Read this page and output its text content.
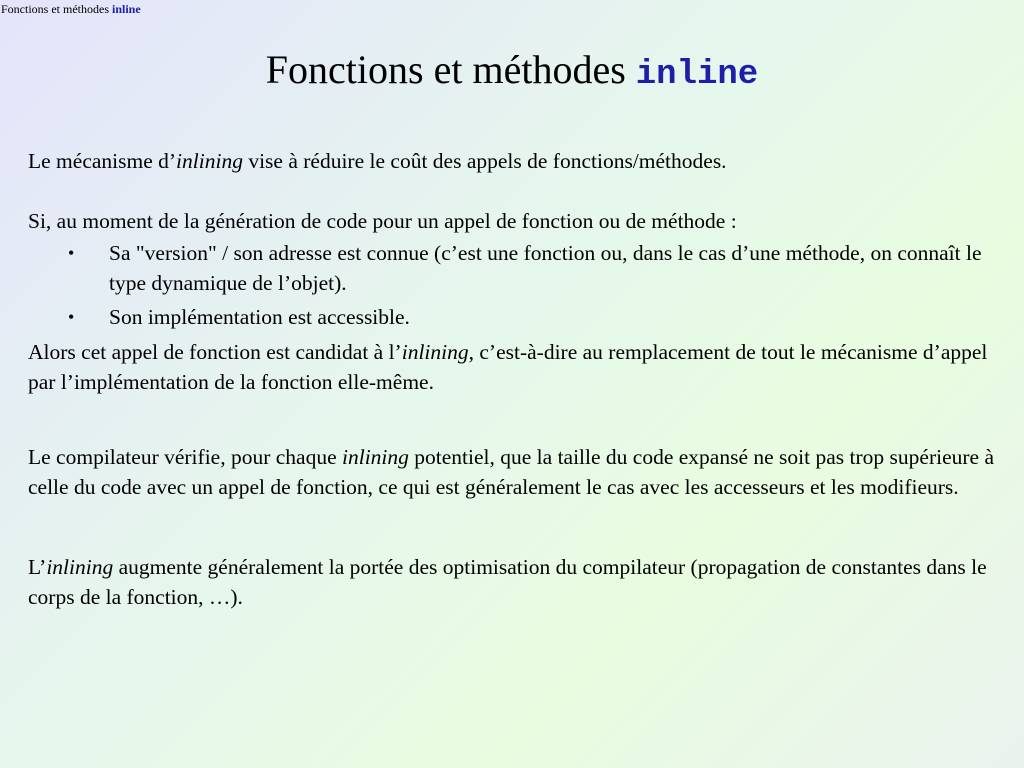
Fonctions et méthodes inline
Fonctions et méthodes inline

Le mécanisme d’inlining vise à réduire le coût des appels de fonctions/méthodes.

Si, au moment de la génération de code pour un appel de fonction ou de méthode :

• Sa "version" / son adresse est connue (c’est une fonction ou, dans le cas d’une méthode, on connaît le type dynamique de l’objet).
• Son implémentation est accessible.

Alors cet appel de fonction est candidat à l’inlining, c’est-à-dire au remplacement de tout le mécanisme d’appel par l’implémentation de la fonction elle-même.

Le compilateur vérifie, pour chaque inlining potentiel, que la taille du code expansé ne soit pas trop supérieure à celle du code avec un appel de fonction, ce qui est généralement le cas avec les accesseurs et les modifieurs.

L’inlining augmente généralement la portée des optimisation du compilateur (propagation de constantes dans le corps de la fonction, …).
